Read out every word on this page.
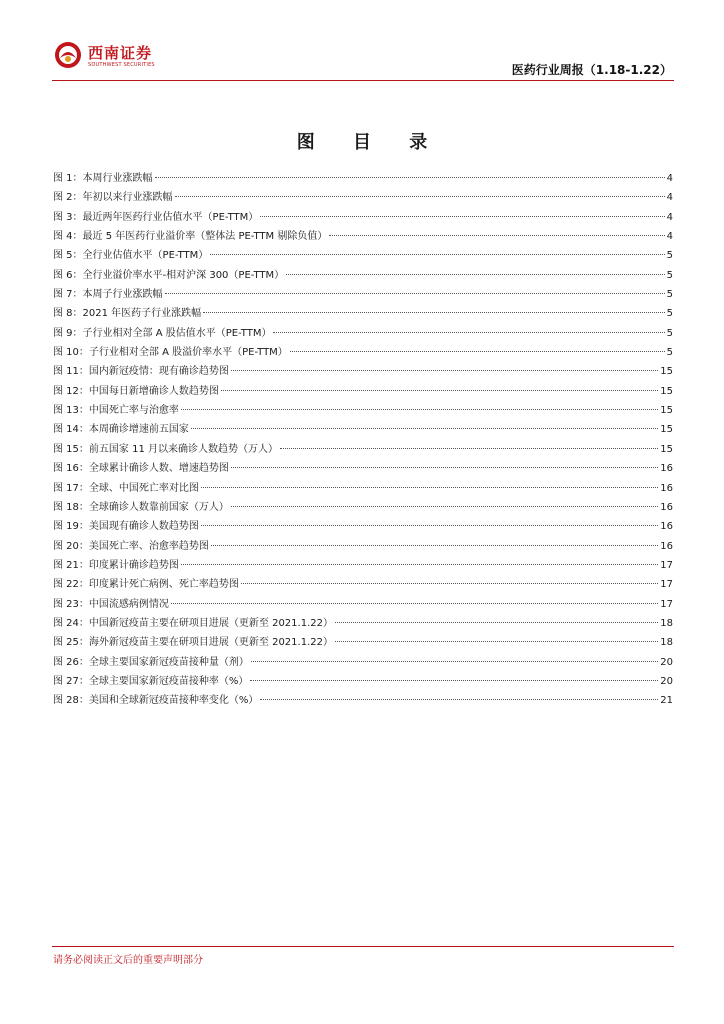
西南证券
SOUTHWEST SECURITIES	医药行业周报（1.18-1.22）
图 目 录
图 1：本周行业涨跌幅	4
图 2：年初以来行业涨跌幅	4
图 3：最近两年医药行业估值水平（PE-TTM）	4
图 4：最近 5 年医药行业溢价率（整体法 PE-TTM 剔除负值）	4
图 5：全行业估值水平（PE-TTM）	5
图 6：全行业溢价率水平-相对沪深 300（PE-TTM）	5
图 7：本周子行业涨跌幅	5
图 8：2021 年医药子行业涨跌幅	5
图 9：子行业相对全部 A 股估值水平（PE-TTM）	5
图 10：子行业相对全部 A 股溢价率水平（PE-TTM）	5
图 11：国内新冠疫情：现有确诊趋势图	15
图 12：中国每日新增确诊人数趋势图	15
图 13：中国死亡率与治愈率	15
图 14：本周确诊增速前五国家	15
图 15：前五国家 11 月以来确诊人数趋势（万人）	15
图 16：全球累计确诊人数、增速趋势图	16
图 17：全球、中国死亡率对比图	16
图 18：全球确诊人数靠前国家（万人）	16
图 19：美国现有确诊人数趋势图	16
图 20：美国死亡率、治愈率趋势图	16
图 21：印度累计确诊趋势图	17
图 22：印度累计死亡病例、死亡率趋势图	17
图 23：中国流感病例情况	17
图 24：中国新冠疫苗主要在研项目进展（更新至 2021.1.22）	18
图 25：海外新冠疫苗主要在研项目进展（更新至 2021.1.22）	18
图 26：全球主要国家新冠疫苗接种量（剂）	20
图 27：全球主要国家新冠疫苗接种率（%）	20
图 28：美国和全球新冠疫苗接种率变化（%）	21
请务必阅读正文后的重要声明部分
